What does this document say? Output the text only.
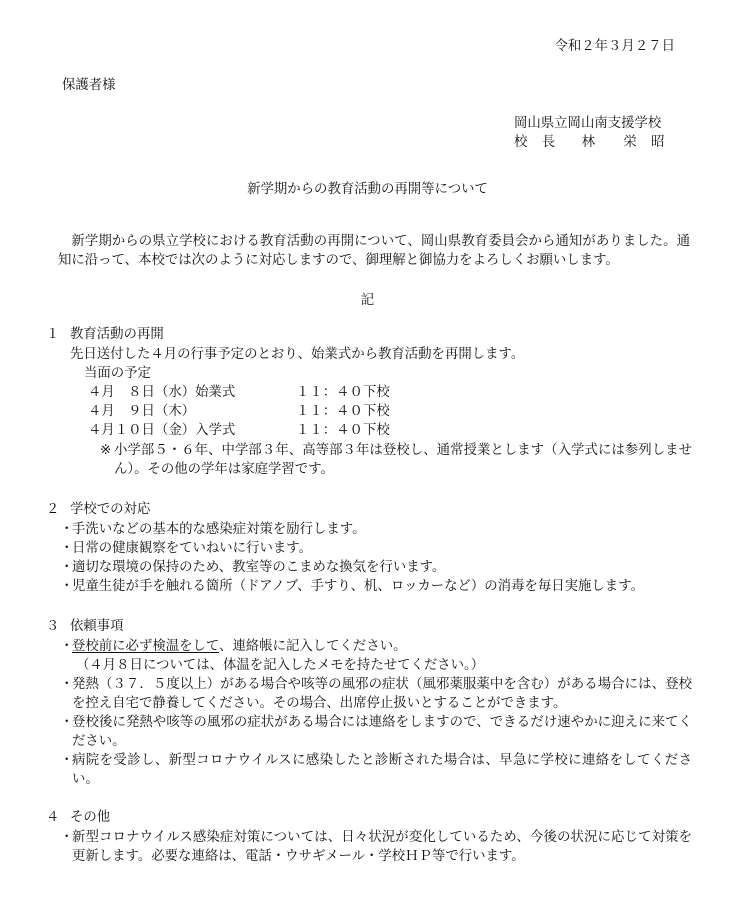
令和２年３月２７日
保護者様
岡山県立岡山南支援学校
校　長 林　　栄　昭
新学期からの教育活動の再開等について

新学期からの県立学校における教育活動の再開について、岡山県教育委員会から通知がありました。通知に沿って、本校では次のように対応しますので、御理解と御協力をよろしくお願いします。

記
１ 教育活動の再開
先日送付した４月の行事予定のとおり、始業式から教育活動を再開します。
当面の予定
４月　８日（水）始業式	１１：４０下校
４月　９日（木）	１１：４０下校
４月１０日（金）入学式	１１：４０下校
※ 小学部５・６年、中学部３年、高等部３年は登校し、通常授業とします（入学式には参列しません）。その他の学年は家庭学習です。
２ 学校での対応
・
手洗いなどの基本的な感染症対策を励行します。
・
日常の健康観察をていねいに行います。
・
適切な環境の保持のため、教室等のこまめな換気を行います。
・
児童生徒が手を触れる箇所（ドアノブ、手すり、机、ロッカーなど）の消毒を毎日実施します。
３ 依頼事項
・
登校前に必ず検温をして、連絡帳に記入してください。
（４月８日については、体温を記入したメモを持たせてください。）
・
発熱（３７．５度以上）がある場合や咳等の風邪の症状（風邪薬服薬中を含む）がある場合には、登校を控え自宅で静養してください。その場合、出席停止扱いとすることができます。
・
登校後に発熱や咳等の風邪の症状がある場合には連絡をしますので、できるだけ速やかに迎えに来てください。
・
病院を受診し、新型コロナウイルスに感染したと診断された場合は、早急に学校に連絡をしてください。
４ その他
・
新型コロナウイルス感染症対策については、日々状況が変化しているため、今後の状況に応じて対策を更新します。必要な連絡は、電話・ウサギメール・学校ＨＰ等で行います。
